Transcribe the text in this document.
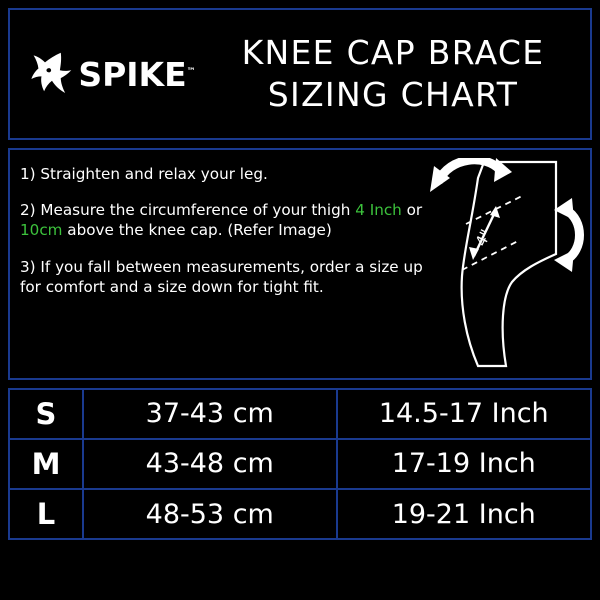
SPIKE™	KNEE CAP BRACE
SIZING CHART

1) Straighten and relax your leg.

2) Measure the circumference of your thigh 4 Inch or 10cm above the knee cap. (Refer Image)

3) If you fall between measurements, order a size up for comfort and a size down for tight fit.

4"
S	37-43 cm	14.5-17 Inch
M	43-48 cm	17-19 Inch
L	48-53 cm	19-21 Inch
